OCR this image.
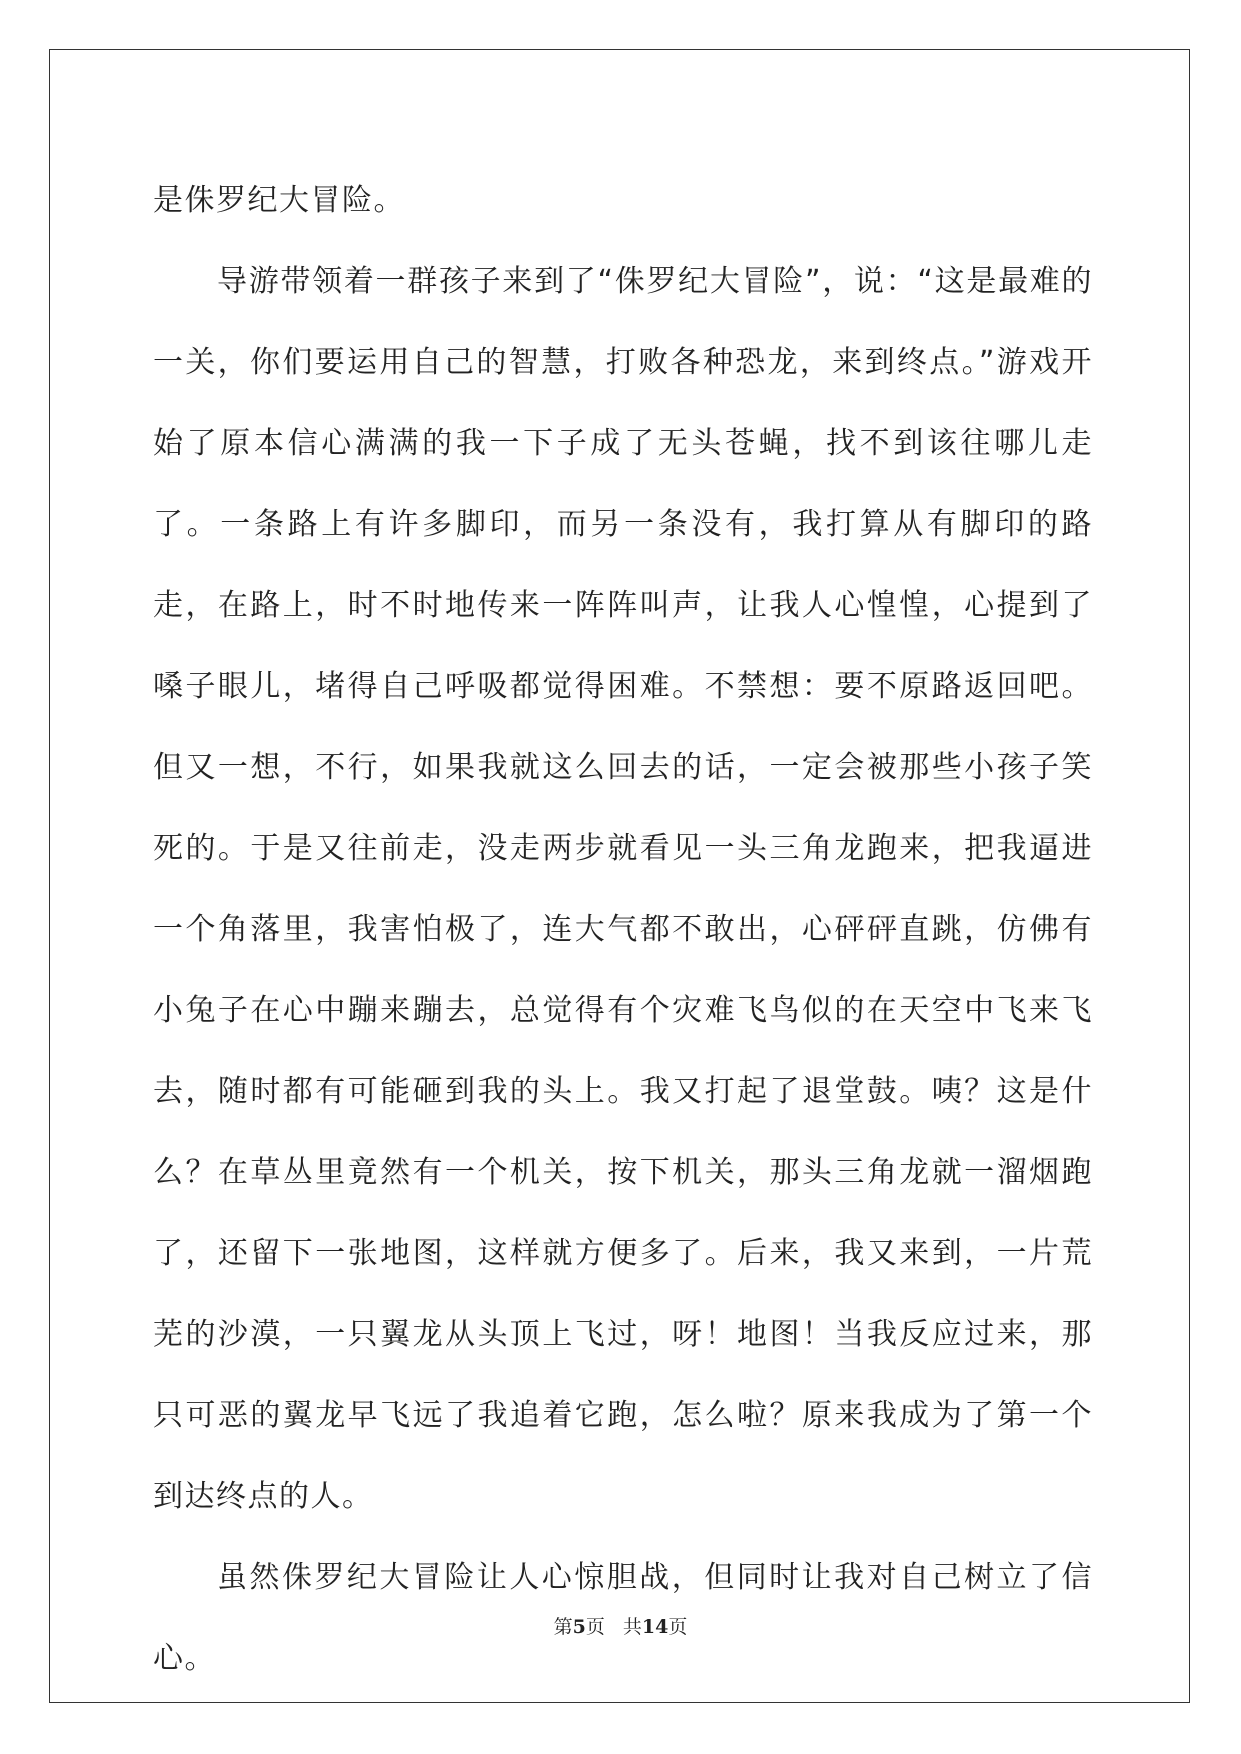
是侏罗纪大冒险。

导游带领着一群孩子来到了“侏罗纪大冒险”，说：“这是最难的一关，你们要运用自己的智慧，打败各种恐龙，来到终点。”游戏开始了原本信心满满的我一下子成了无头苍蝇，找不到该往哪儿走了。一条路上有许多脚印，而另一条没有，我打算从有脚印的路走，在路上，时不时地传来一阵阵叫声，让我人心惶惶，心提到了嗓子眼儿，堵得自己呼吸都觉得困难。不禁想：要不原路返回吧。但又一想，不行，如果我就这么回去的话，一定会被那些小孩子笑死的。于是又往前走，没走两步就看见一头三角龙跑来，把我逼进一个角落里，我害怕极了，连大气都不敢出，心砰砰直跳，仿佛有小兔子在心中蹦来蹦去，总觉得有个灾难飞鸟似的在天空中飞来飞去，随时都有可能砸到我的头上。我又打起了退堂鼓。咦？这是什么？在草丛里竟然有一个机关，按下机关，那头三角龙就一溜烟跑了，还留下一张地图，这样就方便多了。后来，我又来到，一片荒芜的沙漠，一只翼龙从头顶上飞过，呀！地图！当我反应过来，那只可恶的翼龙早飞远了我追着它跑，怎么啦？原来我成为了第一个到达终点的人。

虽然侏罗纪大冒险让人心惊胆战，但同时让我对自己树立了信心。

第5页 共14页
